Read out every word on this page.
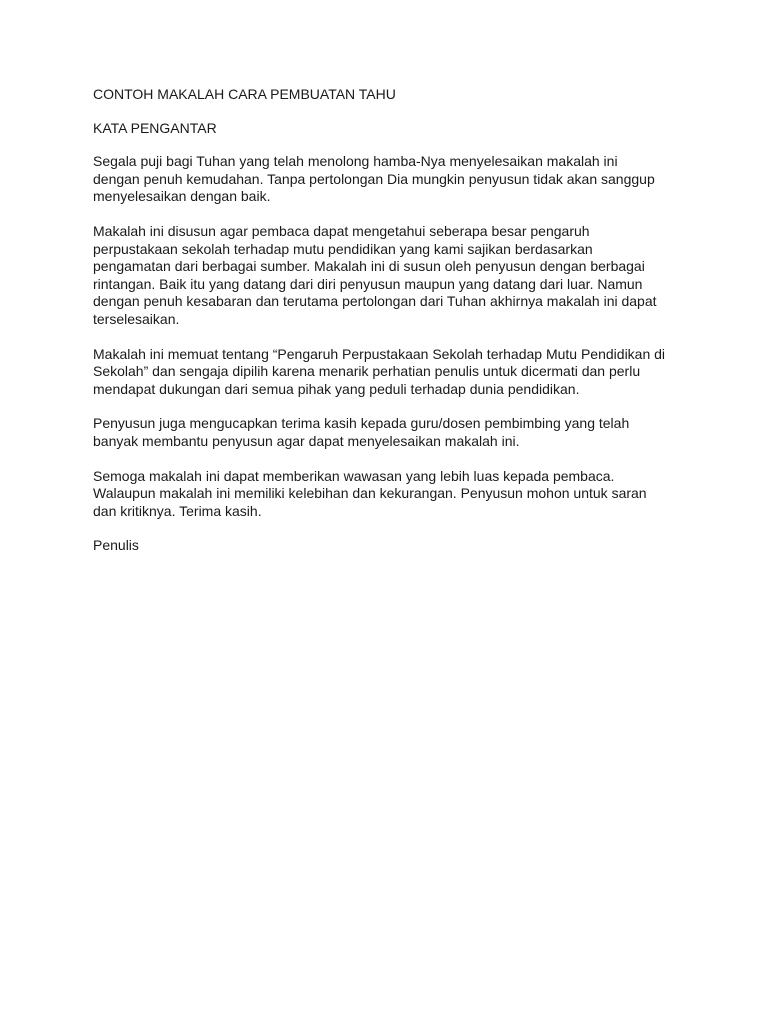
CONTOH MAKALAH CARA PEMBUATAN TAHU

KATA PENGANTAR

Segala puji bagi Tuhan yang telah menolong hamba-Nya menyelesaikan makalah ini
dengan penuh kemudahan. Tanpa pertolongan Dia mungkin penyusun tidak akan sanggup
menyelesaikan dengan baik.

Makalah ini disusun agar pembaca dapat mengetahui seberapa besar pengaruh
perpustakaan sekolah terhadap mutu pendidikan yang kami sajikan berdasarkan
pengamatan dari berbagai sumber. Makalah ini di susun oleh penyusun dengan berbagai
rintangan. Baik itu yang datang dari diri penyusun maupun yang datang dari luar. Namun
dengan penuh kesabaran dan terutama pertolongan dari Tuhan akhirnya makalah ini dapat
terselesaikan.

Makalah ini memuat tentang “Pengaruh Perpustakaan Sekolah terhadap Mutu Pendidikan di
Sekolah” dan sengaja dipilih karena menarik perhatian penulis untuk dicermati dan perlu
mendapat dukungan dari semua pihak yang peduli terhadap dunia pendidikan.

Penyusun juga mengucapkan terima kasih kepada guru/dosen pembimbing yang telah
banyak membantu penyusun agar dapat menyelesaikan makalah ini.

Semoga makalah ini dapat memberikan wawasan yang lebih luas kepada pembaca.
Walaupun makalah ini memiliki kelebihan dan kekurangan. Penyusun mohon untuk saran
dan kritiknya. Terima kasih.

Penulis
